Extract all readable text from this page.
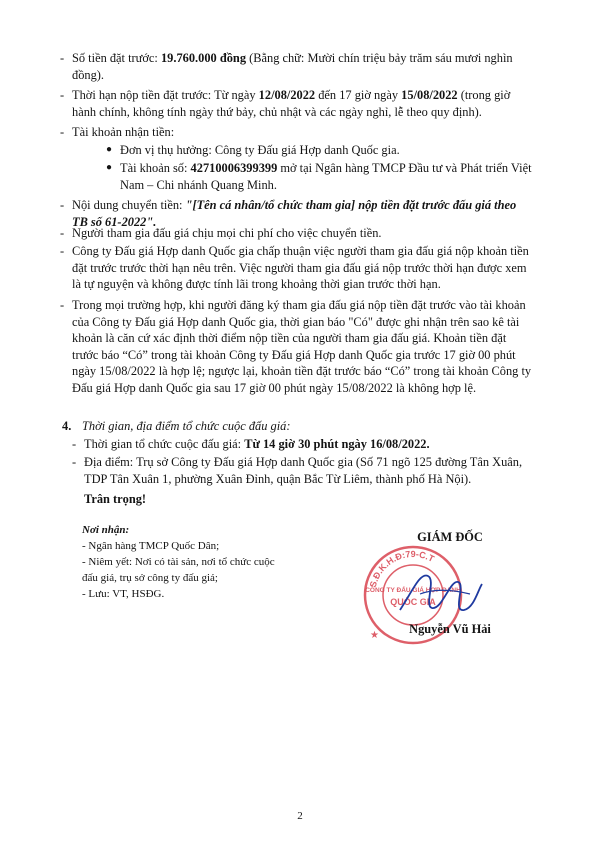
- Số tiền đặt trước: 19.760.000 đồng (Bằng chữ: Mười chín triệu bảy trăm sáu mươi nghìn đồng).
- Thời hạn nộp tiền đặt trước: Từ ngày 12/08/2022 đến 17 giờ ngày 15/08/2022 (trong giờ hành chính, không tính ngày thứ bảy, chủ nhật và các ngày nghỉ, lễ theo quy định).
- Tài khoản nhận tiền:
● Đơn vị thụ hưởng: Công ty Đấu giá Hợp danh Quốc gia.
● Tài khoản số: 42710006399399 mở tại Ngân hàng TMCP Đầu tư và Phát triển Việt Nam – Chi nhánh Quang Minh.
- Nội dung chuyển tiền: "[Tên cá nhân/tổ chức tham gia] nộp tiền đặt trước đấu giá theo TB số 61-2022".
- Người tham gia đấu giá chịu mọi chi phí cho việc chuyển tiền.
- Công ty Đấu giá Hợp danh Quốc gia chấp thuận việc người tham gia đấu giá nộp khoản tiền đặt trước trước thời hạn nêu trên. Việc người tham gia đấu giá nộp trước thời hạn được xem là tự nguyện và không được tính lãi trong khoảng thời gian trước thời hạn.
- Trong mọi trường hợp, khi người đăng ký tham gia đấu giá nộp tiền đặt trước vào tài khoản của Công ty Đấu giá Hợp danh Quốc gia, thời gian báo "Có" được ghi nhận trên sao kê tài khoản là căn cứ xác định thời điểm nộp tiền của người tham gia đấu giá. Khoản tiền đặt trước báo “Có” trong tài khoản Công ty Đấu giá Hợp danh Quốc gia trước 17 giờ 00 phút ngày 15/08/2022 là hợp lệ; ngược lại, khoản tiền đặt trước báo “Có” trong tài khoản Công ty Đấu giá Hợp danh Quốc gia sau 17 giờ 00 phút ngày 15/08/2022 là không hợp lệ.
4. Thời gian, địa điểm tổ chức cuộc đấu giá:
- Thời gian tổ chức cuộc đấu giá: Từ 14 giờ 30 phút ngày 16/08/2022.
- Địa điểm: Trụ sở Công ty Đấu giá Hợp danh Quốc gia (Số 71 ngõ 125 đường Tân Xuân, TDP Tân Xuân 1, phường Xuân Đỉnh, quận Bắc Từ Liêm, thành phố Hà Nội).
Trân trọng!
Nơi nhận:
- Ngân hàng TMCP Quốc Dân;
- Niêm yết: Nơi có tài sản, nơi tổ chức cuộc đấu giá, trụ sở công ty đấu giá;
- Lưu: VT, HSĐG.
GIÁM ĐỐC
S.Đ.K.H.Đ:79-C.T
CÔNG TY ĐẤU GIÁ HỢP DANH
QUỐC GIA
★	Nguyễn Vũ Hải
2
